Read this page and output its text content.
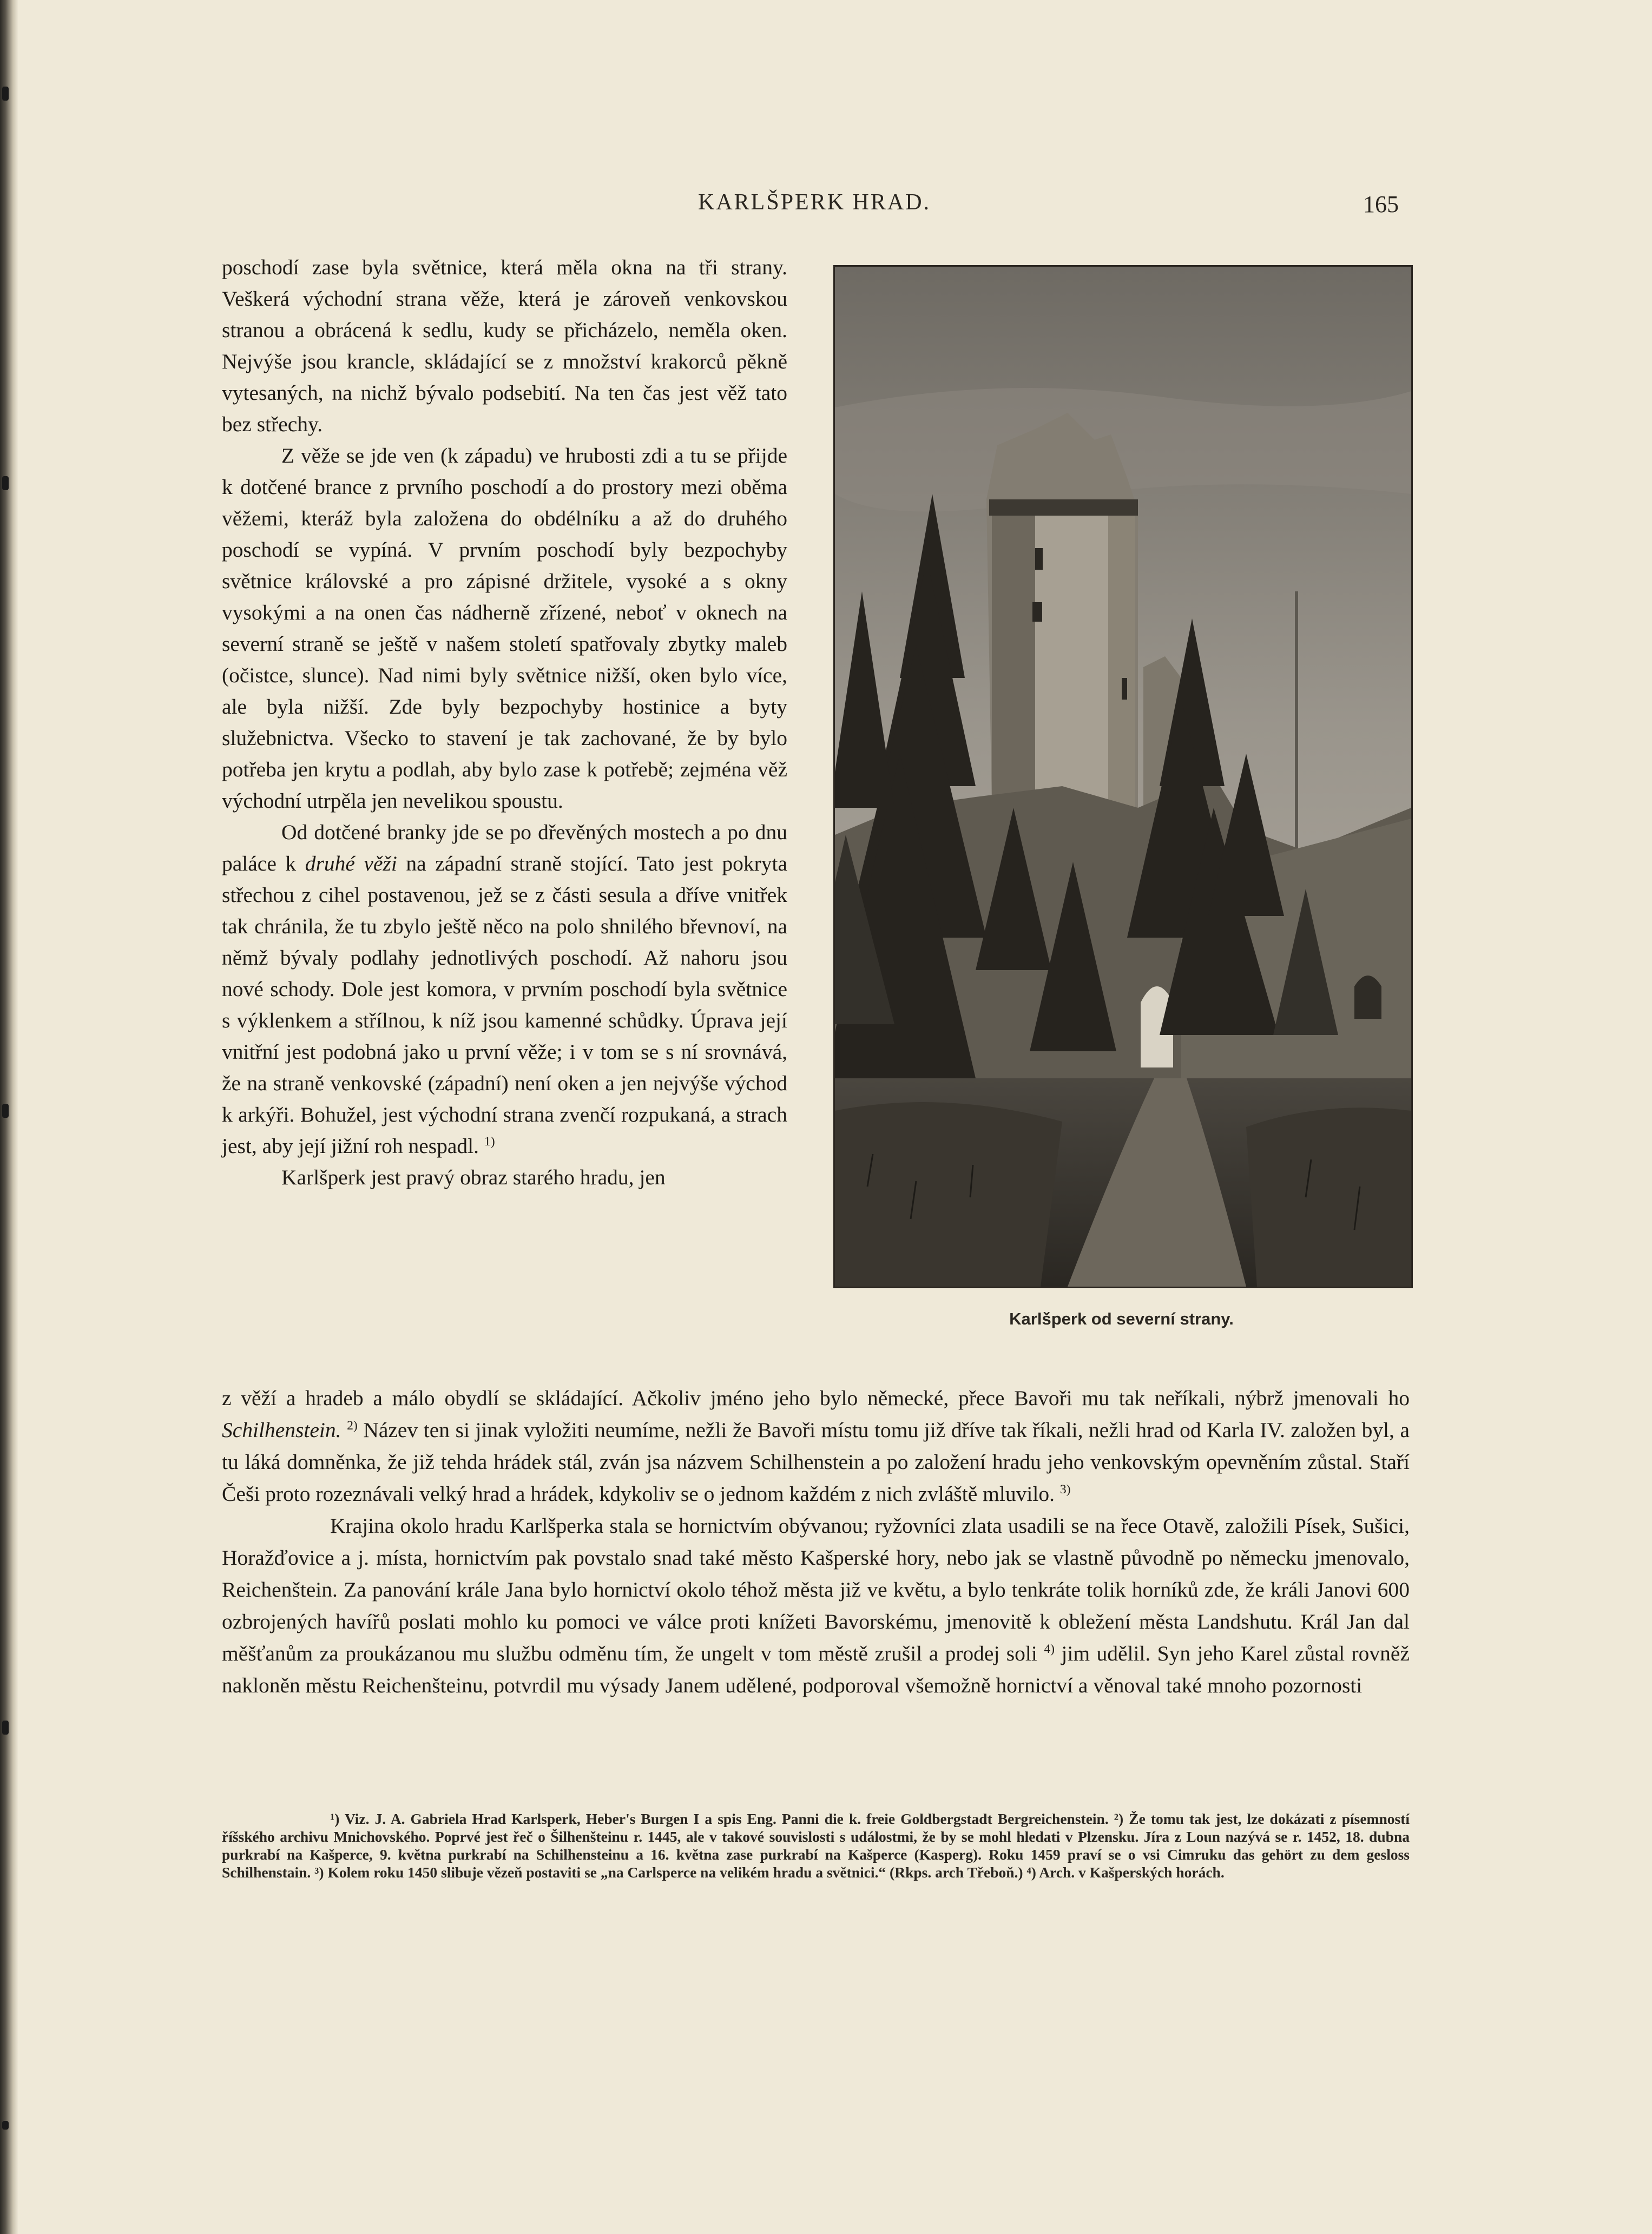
KARLŠPERK HRAD.	165

poschodí zase byla světnice, která měla okna na tři strany. Veškerá východní strana věže, která je zároveň venkovskou stranou a obrácená k sedlu, kudy se přicházelo, neměla oken. Nejvýše jsou krancle, skládající se z množství krakorců pěkně vytesaných, na nichž bývalo podsebití. Na ten čas jest věž tato bez střechy.

Z věže se jde ven (k západu) ve hrubosti zdi a tu se přijde k dotčené brance z prvního poschodí a do prostory mezi oběma věžemi, kteráž byla založena do obdélníku a až do druhého poschodí se vypíná. V prvním poschodí byly bezpochyby světnice královské a pro zápisné držitele, vysoké a s okny vysokými a na onen čas nádherně zřízené, neboť v oknech na severní straně se ještě v našem století spatřovaly zbytky maleb (očistce, slunce). Nad nimi byly světnice nižší, oken bylo více, ale byla nižší. Zde byly bezpochyby hostinice a byty služebnictva. Všecko to stavení je tak zachované, že by bylo potřeba jen krytu a podlah, aby bylo zase k potřebě; zejména věž východní utrpěla jen nevelikou spoustu.

Od dotčené branky jde se po dřevěných mostech a po dnu paláce k druhé věži na západní straně stojící. Tato jest pokryta střechou z cihel postavenou, jež se z části sesula a dříve vnitřek tak chránila, že tu zbylo ještě něco na polo shnilého břevnoví, na němž bývaly podlahy jednotlivých poschodí. Až nahoru jsou nové schody. Dole jest komora, v prvním poschodí byla světnice s výklenkem a střílnou, k níž jsou kamenné schůdky. Úprava její vnitřní jest podobná jako u první věže; i v tom se s ní srovnává, že na straně venkovské (západní) není oken a jen nejvýše východ k arkýři. Bohužel, jest východní strana zvenčí rozpukaná, a strach jest, aby její jižní roh nespadl. $^{1)}$

Karlšperk jest pravý obraz starého hradu, jen

Karlšperk od severní strany.

z věží a hradeb a málo obydlí se skládající. Ačkoliv jméno jeho bylo německé, přece Bavoři mu tak neříkali, nýbrž jmenovali ho Schilhenstein. $^{2)}$ Název ten si jinak vyložiti neumíme, nežli že Bavoři místu tomu již dříve tak říkali, nežli hrad od Karla IV. založen byl, a tu láká domněnka, že již tehda hrádek stál, zván jsa názvem Schilhenstein a po založení hradu jeho venkovským opevněním zůstal. Staří Češi proto rozeznávali velký hrad a hrádek, kdykoliv se o jednom každém z nich zvláště mluvilo. $^{3)}$

Krajina okolo hradu Karlšperka stala se hornictvím obývanou; ryžovníci zlata usadili se na řece Otavě, založili Písek, Sušici, Horažďovice a j. místa, hornictvím pak povstalo snad také město Kašperské hory, nebo jak se vlastně původně po německu jmenovalo, Reichenštein. Za panování krále Jana bylo hornictví okolo téhož města již ve květu, a bylo tenkráte tolik horníků zde, že králi Janovi 600 ozbrojených havířů poslati mohlo ku pomoci ve válce proti knížeti Bavorskému, jmenovitě k obležení města Landshutu. Král Jan dal měšťanům za proukázanou mu službu odměnu tím, že ungelt v tom městě zrušil a prodej soli $^{4)}$ jim udělil. Syn jeho Karel zůstal rovněž nakloněn městu Reichenšteinu, potvrdil mu výsady Janem udělené, podporoval všemožně hornictví a věnoval také mnoho pozornosti

¹) Viz. J. A. Gabriela Hrad Karlsperk, Heber's Burgen I a spis Eng. Panni die k. freie Goldbergstadt Bergreichenstein. ²) Že tomu tak jest, lze dokázati z písemností říšského archivu Mnichovského. Poprvé jest řeč o Šilhenšteinu r. 1445, ale v takové souvislosti s událostmi, že by se mohl hledati v Plzensku. Jíra z Loun nazývá se r. 1452, 18. dubna purkrabí na Kašperce, 9. května purkrabí na Schilhensteinu a 16. května zase purkrabí na Kašperce (Kasperg). Roku 1459 praví se o vsi Cimruku das gehört zu dem gesloss Schilhenstain. ³) Kolem roku 1450 slibuje vězeň postaviti se „na Carlsperce na velikém hradu a světnici.“ (Rkps. arch Třeboň.) ⁴) Arch. v Kašperských horách.
